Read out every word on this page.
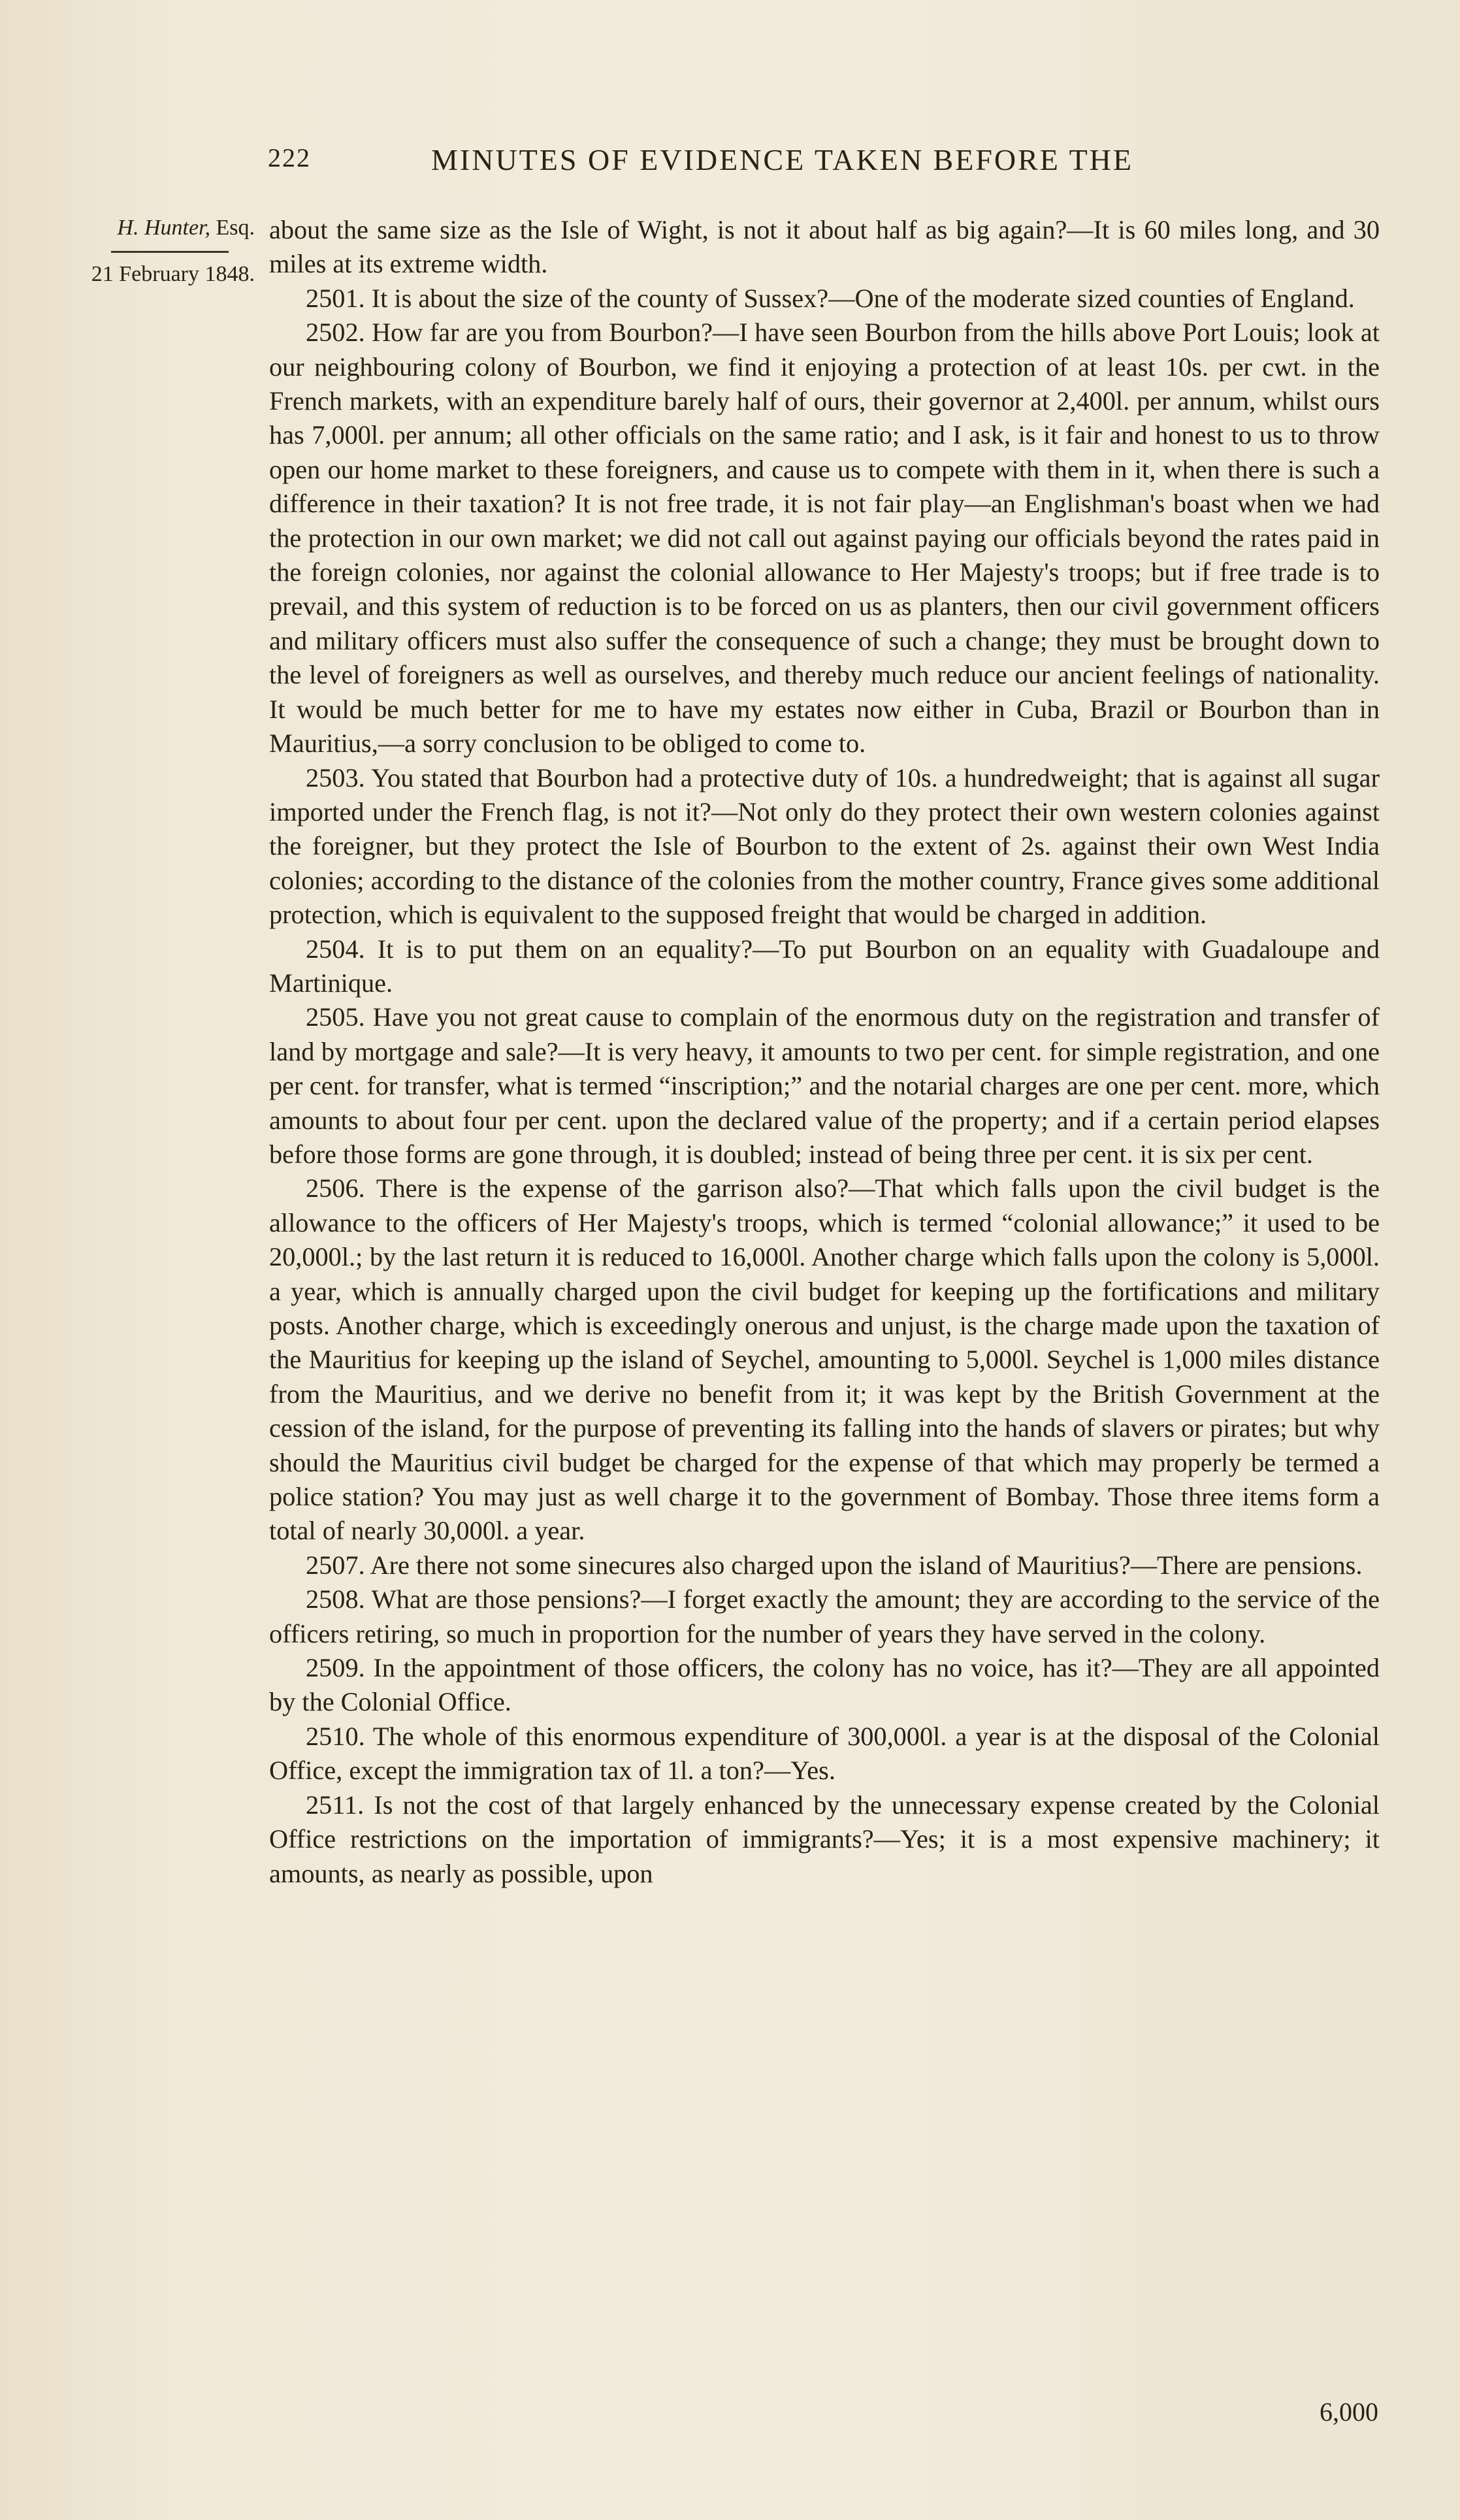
222	MINUTES OF EVIDENCE TAKEN BEFORE THE
H. Hunter, Esq.
21 February 1848.

about the same size as the Isle of Wight, is not it about half as big again?—It is 60 miles long, and 30 miles at its extreme width.

2501. It is about the size of the county of Sussex?—One of the moderate sized counties of England.

2502. How far are you from Bourbon?—I have seen Bourbon from the hills above Port Louis; look at our neighbouring colony of Bourbon, we find it enjoying a protection of at least 10s. per cwt. in the French markets, with an expenditure barely half of ours, their governor at 2,400l. per annum, whilst ours has 7,000l. per annum; all other officials on the same ratio; and I ask, is it fair and honest to us to throw open our home market to these foreigners, and cause us to compete with them in it, when there is such a difference in their taxation? It is not free trade, it is not fair play—an Englishman's boast when we had the protection in our own market; we did not call out against paying our officials beyond the rates paid in the foreign colonies, nor against the colonial allowance to Her Majesty's troops; but if free trade is to prevail, and this system of reduction is to be forced on us as planters, then our civil government officers and military officers must also suffer the consequence of such a change; they must be brought down to the level of foreigners as well as ourselves, and thereby much reduce our ancient feelings of nationality. It would be much better for me to have my estates now either in Cuba, Brazil or Bourbon than in Mauritius,—a sorry conclusion to be obliged to come to.

2503. You stated that Bourbon had a protective duty of 10s. a hundredweight; that is against all sugar imported under the French flag, is not it?—Not only do they protect their own western colonies against the foreigner, but they protect the Isle of Bourbon to the extent of 2s. against their own West India colonies; according to the distance of the colonies from the mother country, France gives some additional protection, which is equivalent to the supposed freight that would be charged in addition.

2504. It is to put them on an equality?—To put Bourbon on an equality with Guadaloupe and Martinique.

2505. Have you not great cause to complain of the enormous duty on the registration and transfer of land by mortgage and sale?—It is very heavy, it amounts to two per cent. for simple registration, and one per cent. for transfer, what is termed “inscription;” and the notarial charges are one per cent. more, which amounts to about four per cent. upon the declared value of the property; and if a certain period elapses before those forms are gone through, it is doubled; instead of being three per cent. it is six per cent.

2506. There is the expense of the garrison also?—That which falls upon the civil budget is the allowance to the officers of Her Majesty's troops, which is termed “colonial allowance;” it used to be 20,000l.; by the last return it is reduced to 16,000l. Another charge which falls upon the colony is 5,000l. a year, which is annually charged upon the civil budget for keeping up the fortifications and military posts. Another charge, which is exceedingly onerous and unjust, is the charge made upon the taxation of the Mauritius for keeping up the island of Seychel, amounting to 5,000l. Seychel is 1,000 miles distance from the Mauritius, and we derive no benefit from it; it was kept by the British Government at the cession of the island, for the purpose of preventing its falling into the hands of slavers or pirates; but why should the Mauritius civil budget be charged for the expense of that which may properly be termed a police station? You may just as well charge it to the government of Bombay. Those three items form a total of nearly 30,000l. a year.

2507. Are there not some sinecures also charged upon the island of Mauritius?—There are pensions.

2508. What are those pensions?—I forget exactly the amount; they are according to the service of the officers retiring, so much in proportion for the number of years they have served in the colony.

2509. In the appointment of those officers, the colony has no voice, has it?—They are all appointed by the Colonial Office.

2510. The whole of this enormous expenditure of 300,000l. a year is at the disposal of the Colonial Office, except the immigration tax of 1l. a ton?—Yes.

2511. Is not the cost of that largely enhanced by the unnecessary expense created by the Colonial Office restrictions on the importation of immigrants?—Yes; it is a most expensive machinery; it amounts, as nearly as possible, upon

6,000
